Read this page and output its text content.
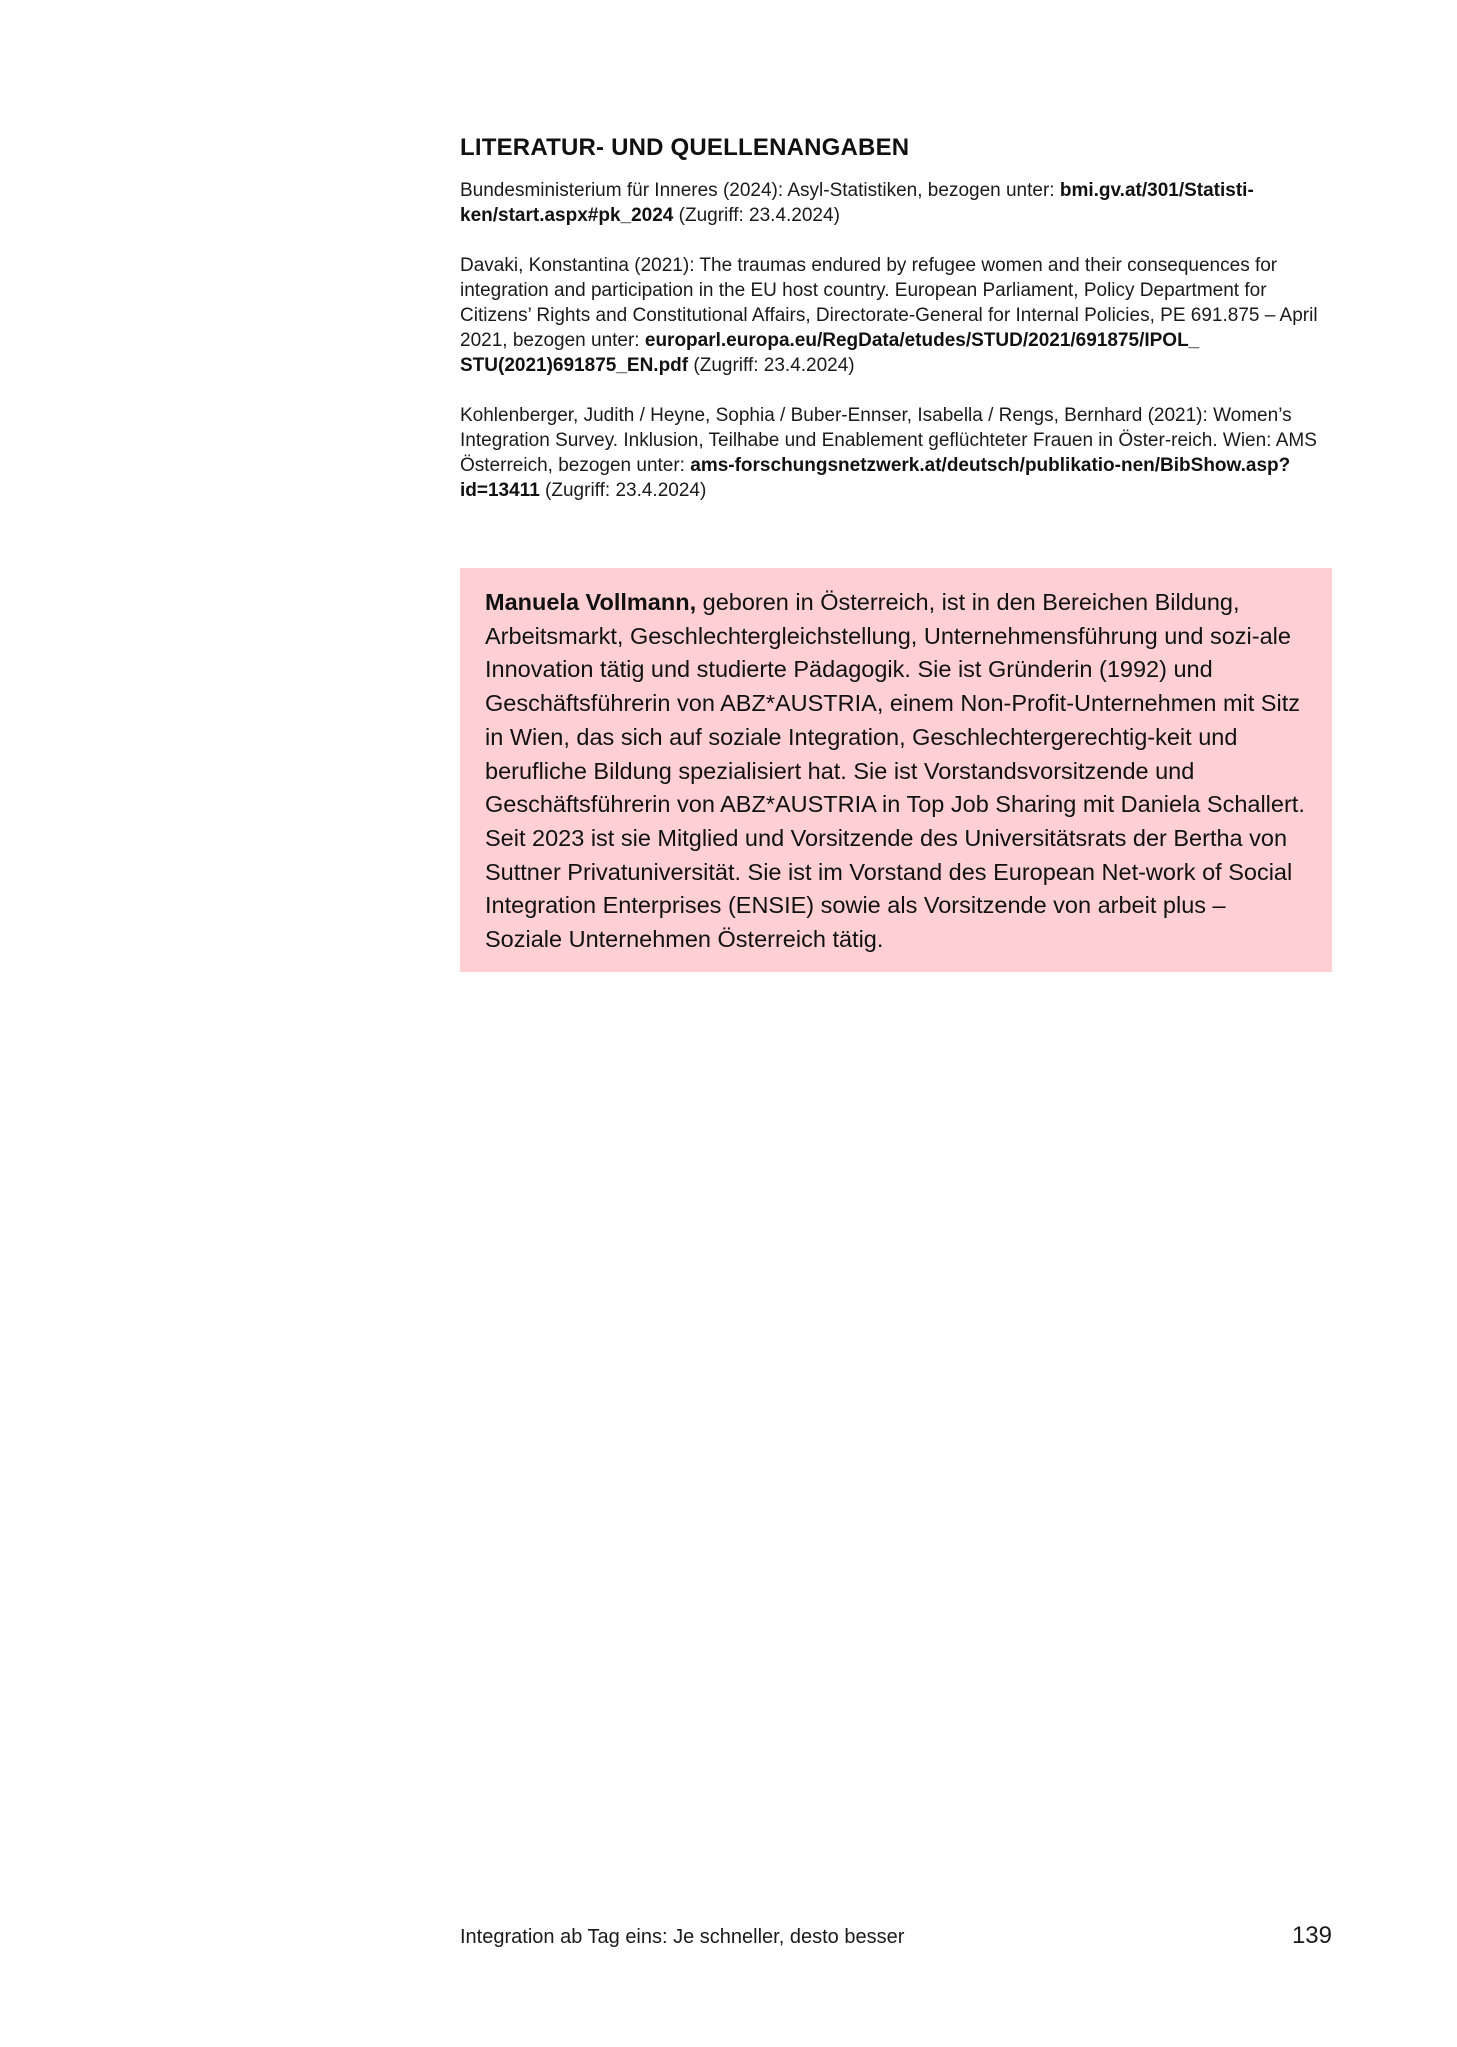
LITERATUR- UND QUELLENANGABEN

Bundesministerium für Inneres (2024): Asyl-Statistiken, bezogen unter: bmi.gv.at/301/Statisti-ken/start.aspx#pk_2024 (Zugriff: 23.4.2024)

Davaki, Konstantina (2021): The traumas endured by refugee women and their consequences for integration and participation in the EU host country. European Parliament, Policy Department for Citizens’ Rights and Constitutional Affairs, Directorate-General for Internal Policies, PE 691.875 – April 2021, bezogen unter: europarl.europa.eu/RegData/etudes/STUD/2021/691875/IPOL_ STU(2021)691875_EN.pdf (Zugriff: 23.4.2024)

Kohlenberger, Judith / Heyne, Sophia / Buber-Ennser, Isabella / Rengs, Bernhard (2021): Women’s Integration Survey. Inklusion, Teilhabe und Enablement geflüchteter Frauen in Öster-reich. Wien: AMS Österreich, bezogen unter: ams-forschungsnetzwerk.at/deutsch/publikatio-nen/BibShow.asp?id=13411 (Zugriff: 23.4.2024)

Manuela Vollmann, geboren in Österreich, ist in den Bereichen Bildung, Arbeitsmarkt, Geschlechtergleichstellung, Unternehmensführung und sozi-ale Innovation tätig und studierte Pädagogik. Sie ist Gründerin (1992) und Geschäftsführerin von ABZ*AUSTRIA, einem Non-Profit-Unternehmen mit Sitz in Wien, das sich auf soziale Integration, Geschlechtergerechtig-keit und berufliche Bildung spezialisiert hat. Sie ist Vorstandsvorsitzende und Geschäftsführerin von ABZ*AUSTRIA in Top Job Sharing mit Daniela Schallert. Seit 2023 ist sie Mitglied und Vorsitzende des Universitätsrats der Bertha von Suttner Privatuniversität. Sie ist im Vorstand des European Net-work of Social Integration Enterprises (ENSIE) sowie als Vorsitzende von arbeit plus – Soziale Unternehmen Österreich tätig.

Integration ab Tag eins: Je schneller, desto besser	139
